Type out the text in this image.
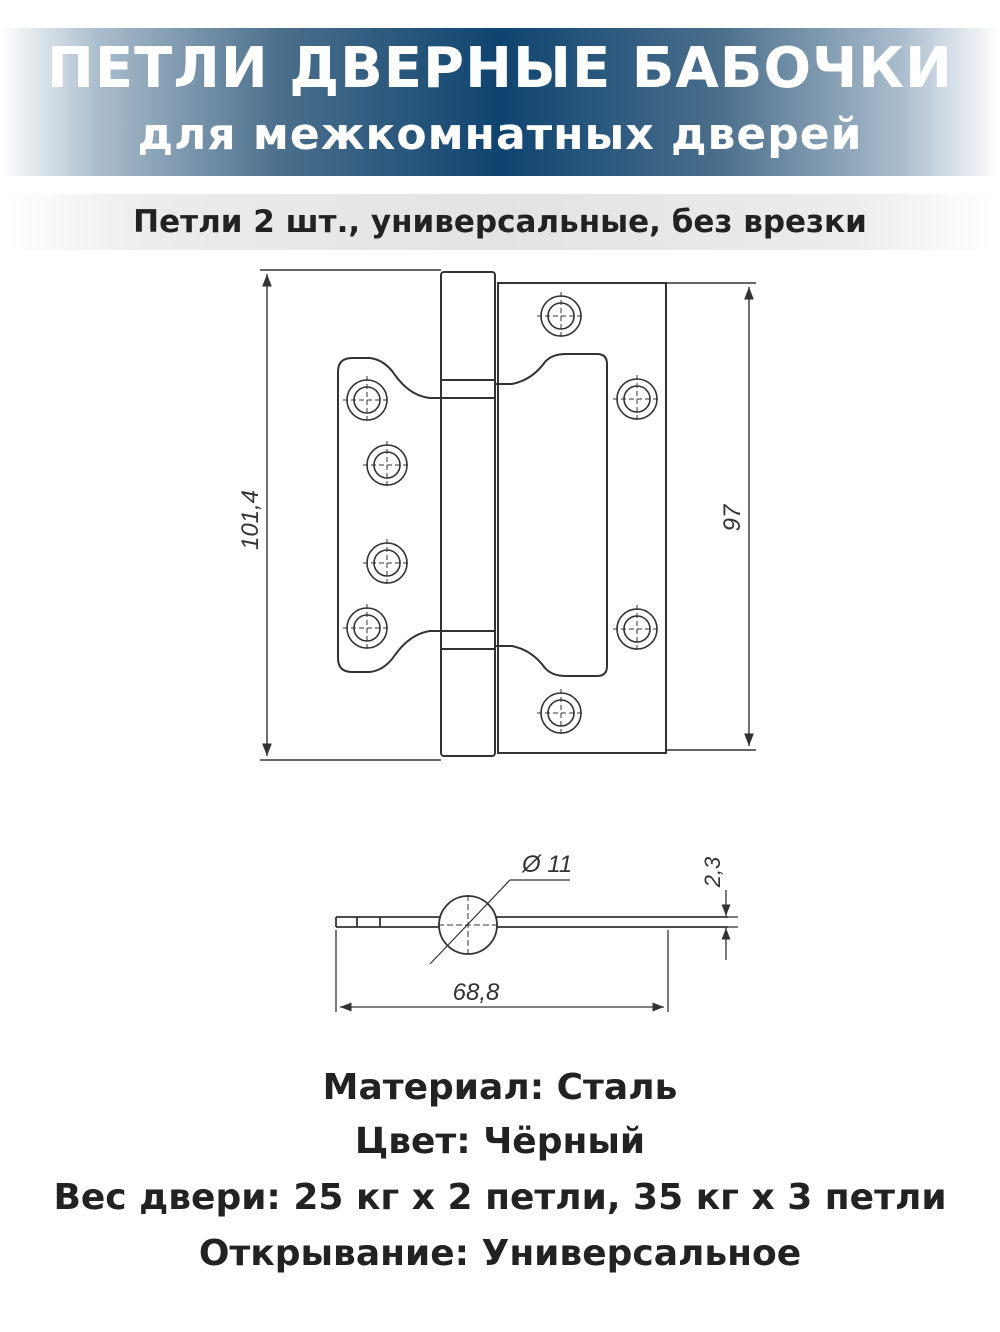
ПЕТЛИ ДВЕРНЫЕ БАБОЧКИ
для межкомнатных дверей
Петли 2 шт., универсальные, без врезки
101,4	97
Ø 11	2,3
68,8
Материал: Сталь
Цвет: Чёрный
Вес двери: 25 кг х 2 петли, 35 кг х 3 петли
Открывание: Универсальное
